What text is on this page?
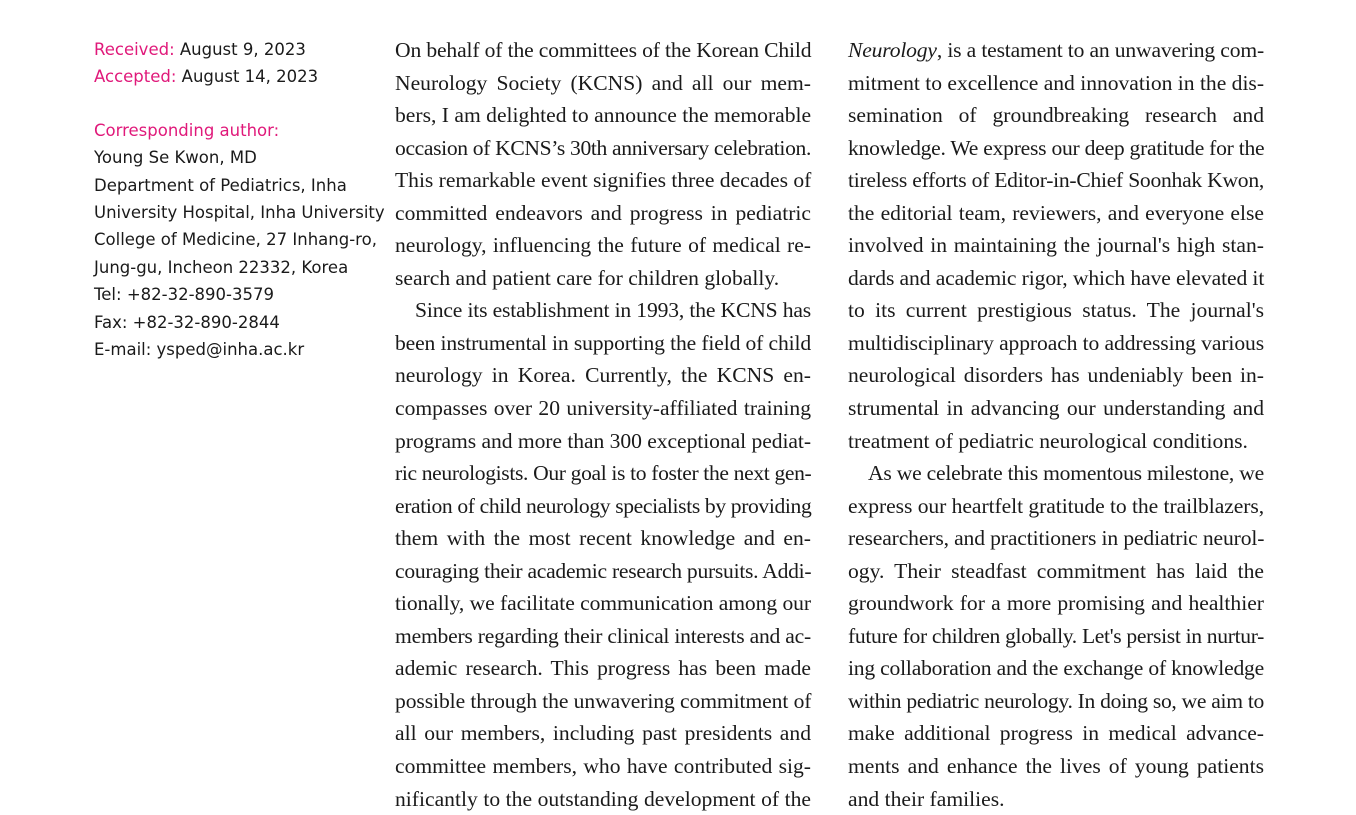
Received: August 9, 2023
Accepted: August 14, 2023
Corresponding author:
Young Se Kwon, MD
Department of Pediatrics, Inha
University Hospital, Inha University
College of Medicine, 27 Inhang-ro,
Jung-gu, Incheon 22332, Korea
Tel: +82-32-890-3579
Fax: +82-32-890-2844
E-mail: ysped@inha.ac.kr
On behalf of the committees of the Korean Child
Neurology Society (KCNS) and all our mem-
bers, I am delighted to announce the memorable
occasion of KCNS’s 30th anniversary celebration.
This remarkable event signifies three decades of
committed endeavors and progress in pediatric
neurology, influencing the future of medical re-
search and patient care for children globally.
Since its establishment in 1993, the KCNS has
been instrumental in supporting the field of child
neurology in Korea. Currently, the KCNS en-
compasses over 20 university-affiliated training
programs and more than 300 exceptional pediat-
ric neurologists. Our goal is to foster the next gen-
eration of child neurology specialists by providing
them with the most recent knowledge and en-
couraging their academic research pursuits. Addi-
tionally, we facilitate communication among our
members regarding their clinical interests and ac-
ademic research. This progress has been made
possible through the unwavering commitment of
all our members, including past presidents and
committee members, who have contributed sig-
nificantly to the outstanding development of the
Neurology, is a testament to an unwavering com-
mitment to excellence and innovation in the dis-
semination of groundbreaking research and
knowledge. We express our deep gratitude for the
tireless efforts of Editor-in-Chief Soonhak Kwon,
the editorial team, reviewers, and everyone else
involved in maintaining the journal's high stan-
dards and academic rigor, which have elevated it
to its current prestigious status. The journal's
multidisciplinary approach to addressing various
neurological disorders has undeniably been in-
strumental in advancing our understanding and
treatment of pediatric neurological conditions.
As we celebrate this momentous milestone, we
express our heartfelt gratitude to the trailblazers,
researchers, and practitioners in pediatric neurol-
ogy. Their steadfast commitment has laid the
groundwork for a more promising and healthier
future for children globally. Let's persist in nurtur-
ing collaboration and the exchange of knowledge
within pediatric neurology. In doing so, we aim to
make additional progress in medical advance-
ments and enhance the lives of young patients
and their families.
